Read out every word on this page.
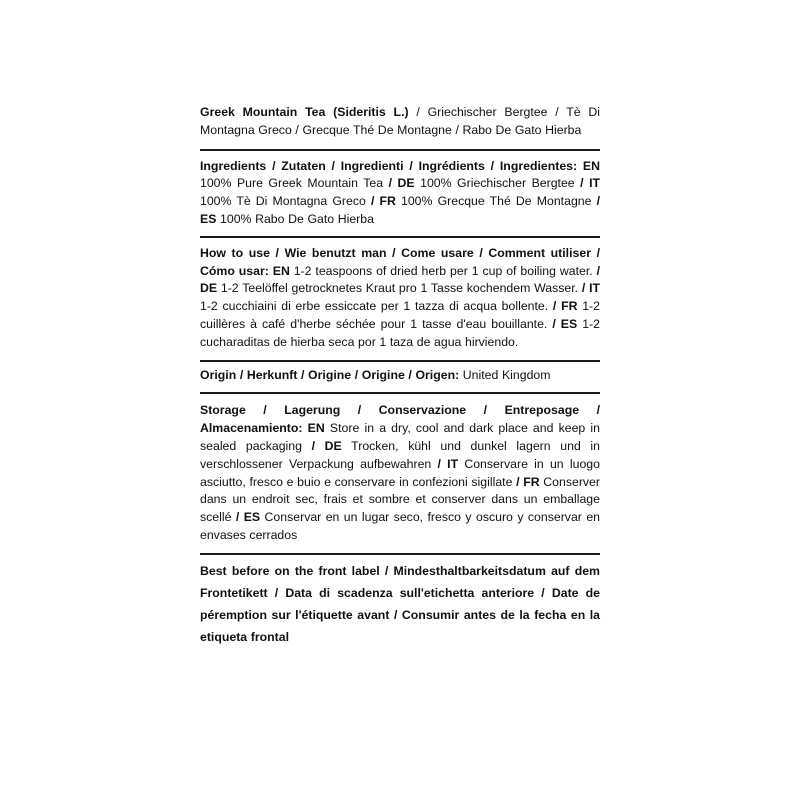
Greek Mountain Tea (Sideritis L.) / Griechischer Bergtee / Tè Di Montagna Greco / Grecque Thé De Montagne / Rabo De Gato Hierba
Ingredients / Zutaten / Ingredienti / Ingrédients / Ingredientes: EN 100% Pure Greek Mountain Tea / DE 100% Griechischer Bergtee / IT 100% Tè Di Montagna Greco / FR 100% Grecque Thé De Montagne / ES 100% Rabo De Gato Hierba
How to use / Wie benutzt man / Come usare / Comment utiliser / Cómo usar: EN 1-2 teaspoons of dried herb per 1 cup of boiling water. / DE 1-2 Teelöffel getrocknetes Kraut pro 1 Tasse kochendem Wasser. / IT 1-2 cucchiaini di erbe essiccate per 1 tazza di acqua bollente. / FR 1-2 cuillères à café d'herbe séchée pour 1 tasse d'eau bouillante. / ES 1-2 cucharaditas de hierba seca por 1 taza de agua hirviendo.
Origin / Herkunft / Origine / Origine / Origen: United Kingdom
Storage / Lagerung / Conservazione / Entreposage / Almacenamiento: EN Store in a dry, cool and dark place and keep in sealed packaging / DE Trocken, kühl und dunkel lagern und in verschlossener Verpackung aufbewahren / IT Conservare in un luogo asciutto, fresco e buio e conservare in confezioni sigillate / FR Conserver dans un endroit sec, frais et sombre et conserver dans un emballage scellé / ES Conservar en un lugar seco, fresco y oscuro y conservar en envases cerrados
Best before on the front label / Mindesthaltbarkeitsdatum auf dem Frontetikett / Data di scadenza sull'etichetta anteriore / Date de péremption sur l'étiquette avant / Consumir antes de la fecha en la etiqueta frontal
